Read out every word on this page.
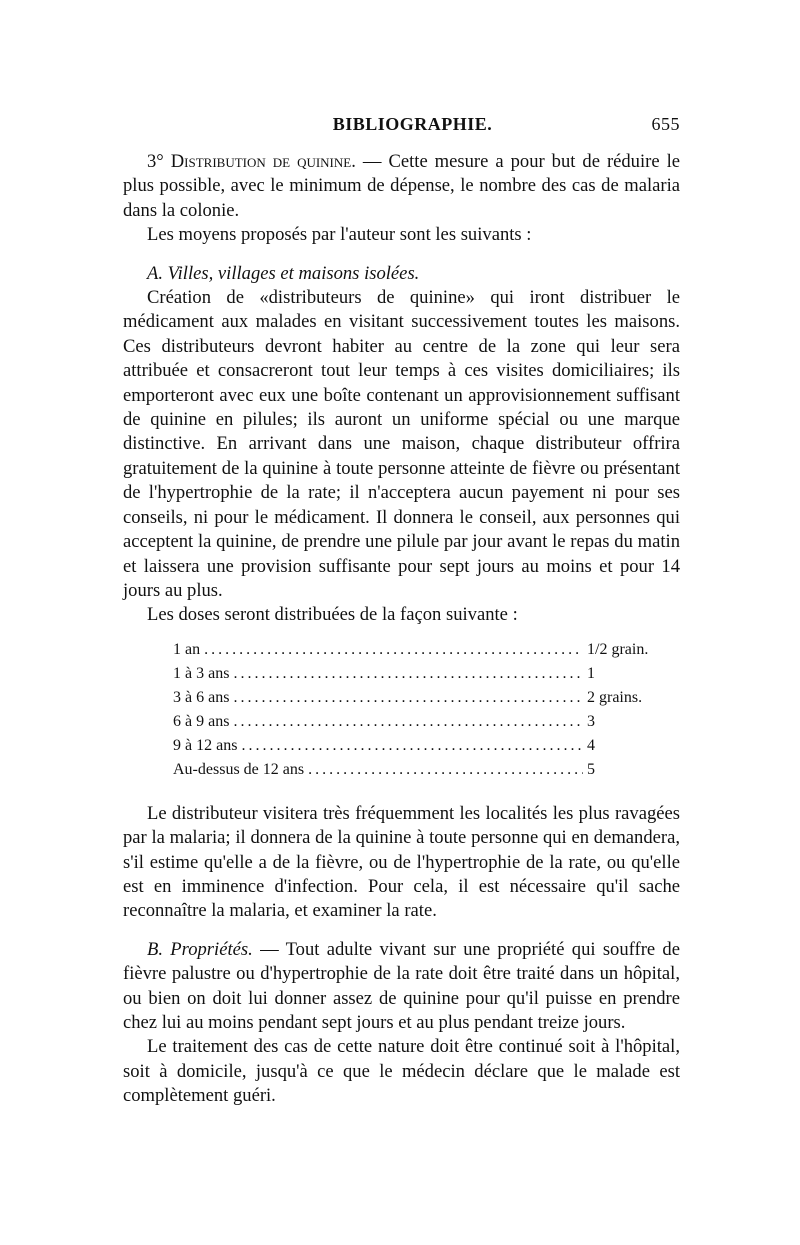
BIBLIOGRAPHIE.	655

3° Distribution de quinine. — Cette mesure a pour but de réduire le plus possible, avec le minimum de dépense, le nombre des cas de malaria dans la colonie.

Les moyens proposés par l'auteur sont les suivants :

A. Villes, villages et maisons isolées.

Création de «distributeurs de quinine» qui iront distribuer le médicament aux malades en visitant successivement toutes les maisons. Ces distributeurs devront habiter au centre de la zone qui leur sera attribuée et consacreront tout leur temps à ces visites domiciliaires; ils emporteront avec eux une boîte contenant un approvisionnement suffisant de quinine en pilules; ils auront un uniforme spécial ou une marque distinctive. En arrivant dans une maison, chaque distributeur offrira gratuitement de la quinine à toute personne atteinte de fièvre ou présentant de l'hypertrophie de la rate; il n'acceptera aucun payement ni pour ses conseils, ni pour le médicament. Il donnera le conseil, aux personnes qui acceptent la quinine, de prendre une pilule par jour avant le repas du matin et laissera une provision suffisante pour sept jours au moins et pour 14 jours au plus.

Les doses seront distribuées de la façon suivante :

1 an .....	1/2 grain.
1 à 3 ans .....	1
3 à 6 ans .....	2 grains.
6 à 9 ans .....	3
9 à 12 ans .....	4
Au-dessus de 12 ans .....	5

Le distributeur visitera très fréquemment les localités les plus ravagées par la malaria; il donnera de la quinine à toute personne qui en demandera, s'il estime qu'elle a de la fièvre, ou de l'hypertrophie de la rate, ou qu'elle est en imminence d'infection. Pour cela, il est nécessaire qu'il sache reconnaître la malaria, et examiner la rate.

B. Propriétés. — Tout adulte vivant sur une propriété qui souffre de fièvre palustre ou d'hypertrophie de la rate doit être traité dans un hôpital, ou bien on doit lui donner assez de quinine pour qu'il puisse en prendre chez lui au moins pendant sept jours et au plus pendant treize jours.

Le traitement des cas de cette nature doit être continué soit à l'hôpital, soit à domicile, jusqu'à ce que le médecin déclare que le malade est complètement guéri.
